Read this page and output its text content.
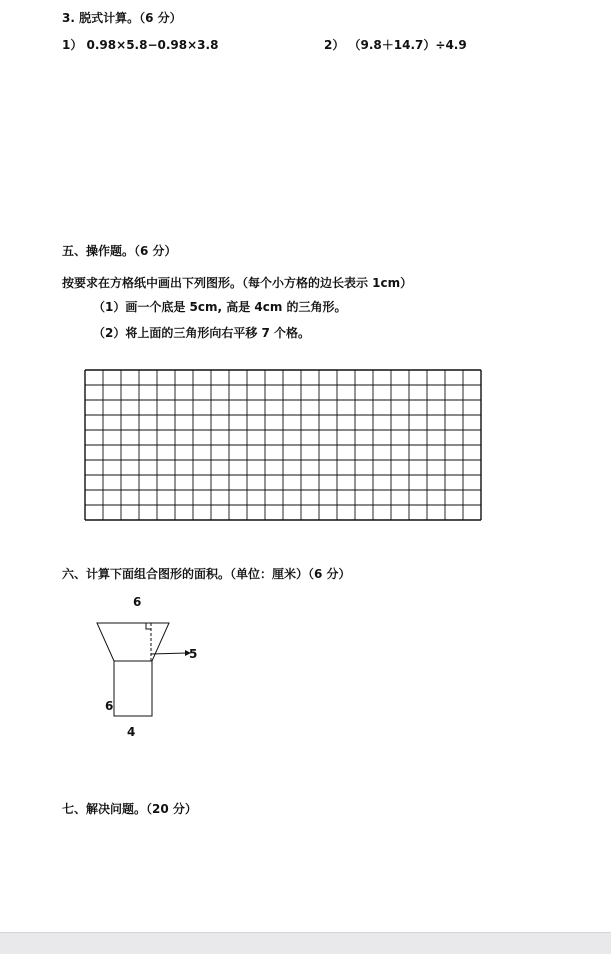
3. 脱式计算。（6 分）
1） 0.98×5.8−0.98×3.8	2） （9.8＋14.7）÷4.9
五、操作题。（6 分）
按要求在方格纸中画出下列图形。（每个小方格的边长表示 1cm）
（1）画一个底是 5cm, 高是 4cm 的三角形。
（2）将上面的三角形向右平移 7 个格。
六、计算下面组合图形的面积。（单位：厘米）（6 分）
6
5
6
4
七、解决问题。（20 分）
